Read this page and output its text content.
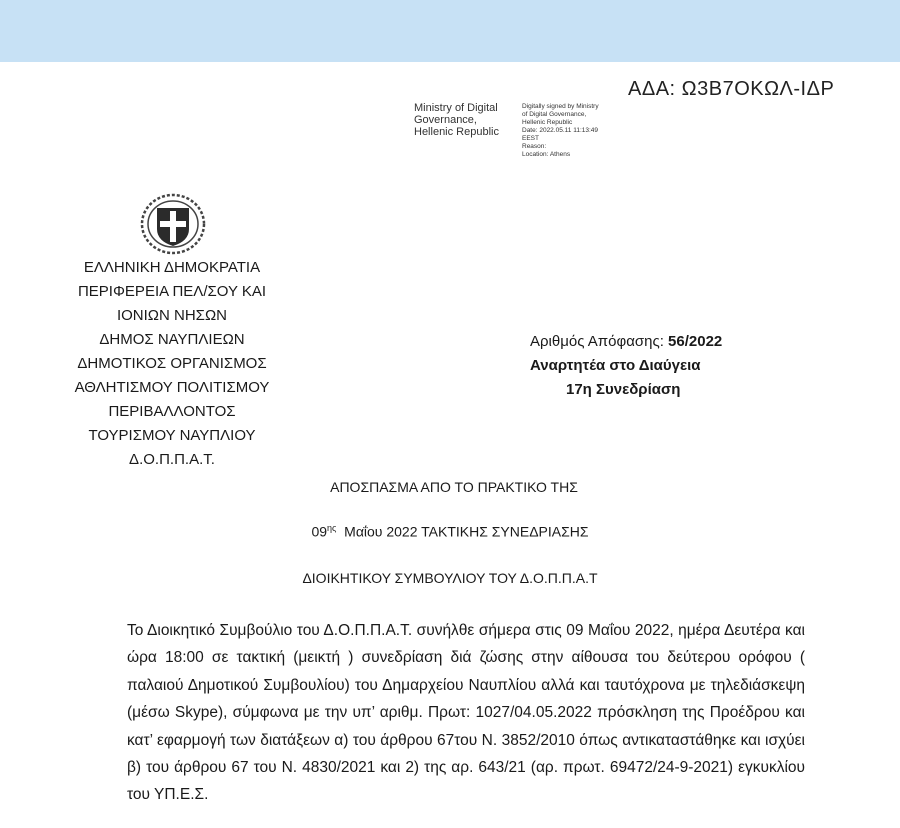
ΑΔΑ: Ω3Β7ΟΚΩΛ-ΙΔΡ
Ministry of Digital
Governance,
Hellenic Republic
Digitally signed by Ministry
of Digital Governance,
Hellenic Republic
Date: 2022.05.11 11:13:49
EEST
Reason:
Location: Athens
ΕΛΛΗΝΙΚΗ ΔΗΜΟΚΡΑΤΙΑ
ΠΕΡΙΦΕΡΕΙΑ ΠΕΛ/ΣΟΥ ΚΑΙ
ΙΟΝΙΩΝ ΝΗΣΩΝ
ΔΗΜΟΣ ΝΑΥΠΛΙΕΩΝ
ΔΗΜΟΤΙΚΟΣ ΟΡΓΑΝΙΣΜΟΣ
ΑΘΛΗΤΙΣΜΟΥ ΠΟΛΙΤΙΣΜΟΥ
ΠΕΡΙΒΑΛΛΟΝΤΟΣ
ΤΟΥΡΙΣΜΟΥ ΝΑΥΠΛΙΟΥ
Δ.Ο.Π.Π.Α.Τ.
Αριθμός Απόφασης: 56/2022
Αναρτητέα στο Διαύγεια
17η Συνεδρίαση
ΑΠΟΣΠΑΣΜΑ ΑΠΟ ΤΟ ΠΡΑΚΤΙΚΟ ΤΗΣ
$09^{\eta\varsigma}$  Μαΐου 2022 ΤΑΚΤΙΚΗΣ ΣΥΝΕΔΡΙΑΣΗΣ
ΔΙΟΙΚΗΤΙΚΟΥ ΣΥΜΒΟΥΛΙΟΥ ΤΟΥ Δ.Ο.Π.Π.Α.Τ
Το Διοικητικό Συμβούλιο του Δ.Ο.Π.Π.Α.Τ. συνήλθε σήμερα στις 09 Μαΐου 2022, ημέρα Δευτέρα και ώρα 18:00 σε τακτική (μεικτή ) συνεδρίαση διά ζώσης στην αίθουσα του δεύτερου ορόφου ( παλαιού Δημοτικού Συμβουλίου) του Δημαρχείου Ναυπλίου αλλά και ταυτόχρονα με τηλεδιάσκεψη (μέσω Skype), σύμφωνα με την υπ’ αριθμ. Πρωτ: 1027/04.05.2022 πρόσκληση της Προέδρου και κατ’ εφαρμογή των διατάξεων α) του άρθρου 67του Ν. 3852/2010 όπως αντικαταστάθηκε και ισχύει β) του άρθρου 67 του Ν. 4830/2021 και 2) της αρ. 643/21 (αρ. πρωτ. 69472/24-9-2021) εγκυκλίου του ΥΠ.Ε.Σ.
